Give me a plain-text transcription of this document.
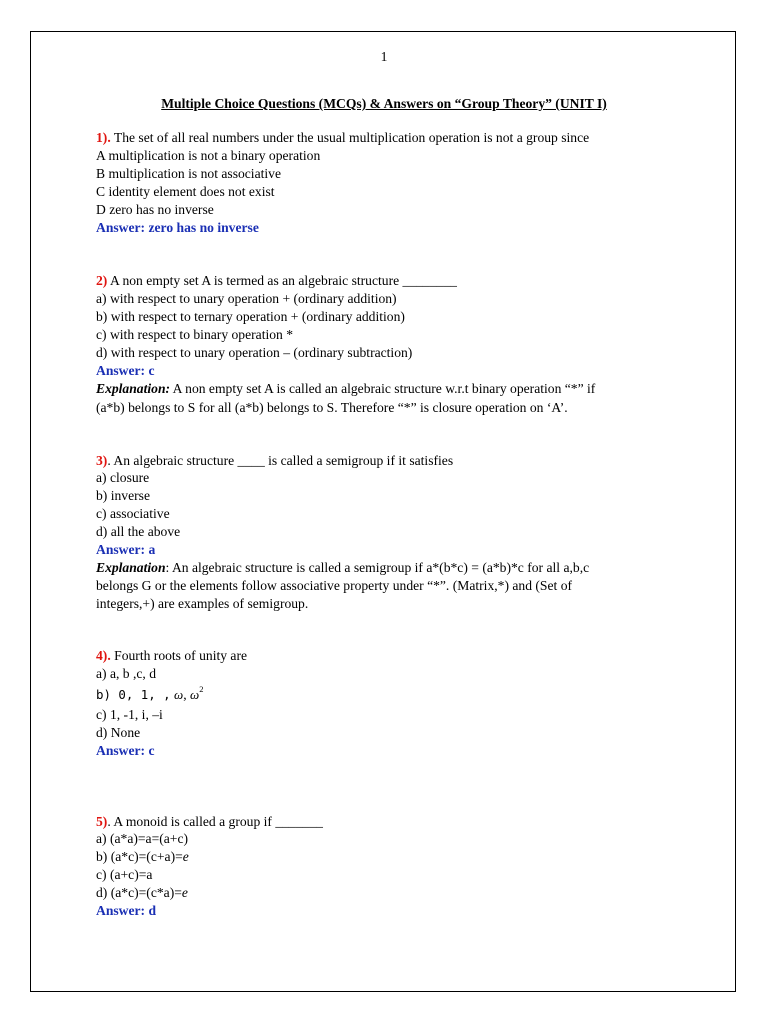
1
Multiple Choice Questions (MCQs) & Answers on “Group Theory” (UNIT I)
1). The set of all real numbers under the usual multiplication operation is not a group since
A multiplication is not a binary operation
B multiplication is not associative
C identity element does not exist
D zero has no inverse
Answer: zero has no inverse
2) A non empty set A is termed as an algebraic structure ________
a) with respect to unary operation + (ordinary addition)
b) with respect to ternary operation + (ordinary addition)
c) with respect to binary operation *
d) with respect to unary operation – (ordinary subtraction)
Answer: c
Explanation: A non empty set A is called an algebraic structure w.r.t binary operation “*” if
(a*b) belongs to S for all (a*b) belongs to S. Therefore “*” is closure operation on ‘A’.
3). An algebraic structure ____ is called a semigroup if it satisfies
a) closure
b) inverse
c) associative
d) all the above
Answer: a
Explanation: An algebraic structure is called a semigroup if a*(b*c) = (a*b)*c for all a,b,c
belongs G or the elements follow associative property under “*”. (Matrix,*) and (Set of
integers,+) are examples of semigroup.
4). Fourth roots of unity are
a) a, b ,c, d
b) 0, 1, , ω, $\omega^2$
c) 1, -1, i, –i
d) None
Answer: c
5). A monoid is called a group if _______
a) (a*a)=a=(a+c)
b) (a*c)=(c+a)=e
c) (a+c)=a
d) (a*c)=(c*a)=e
Answer: d
